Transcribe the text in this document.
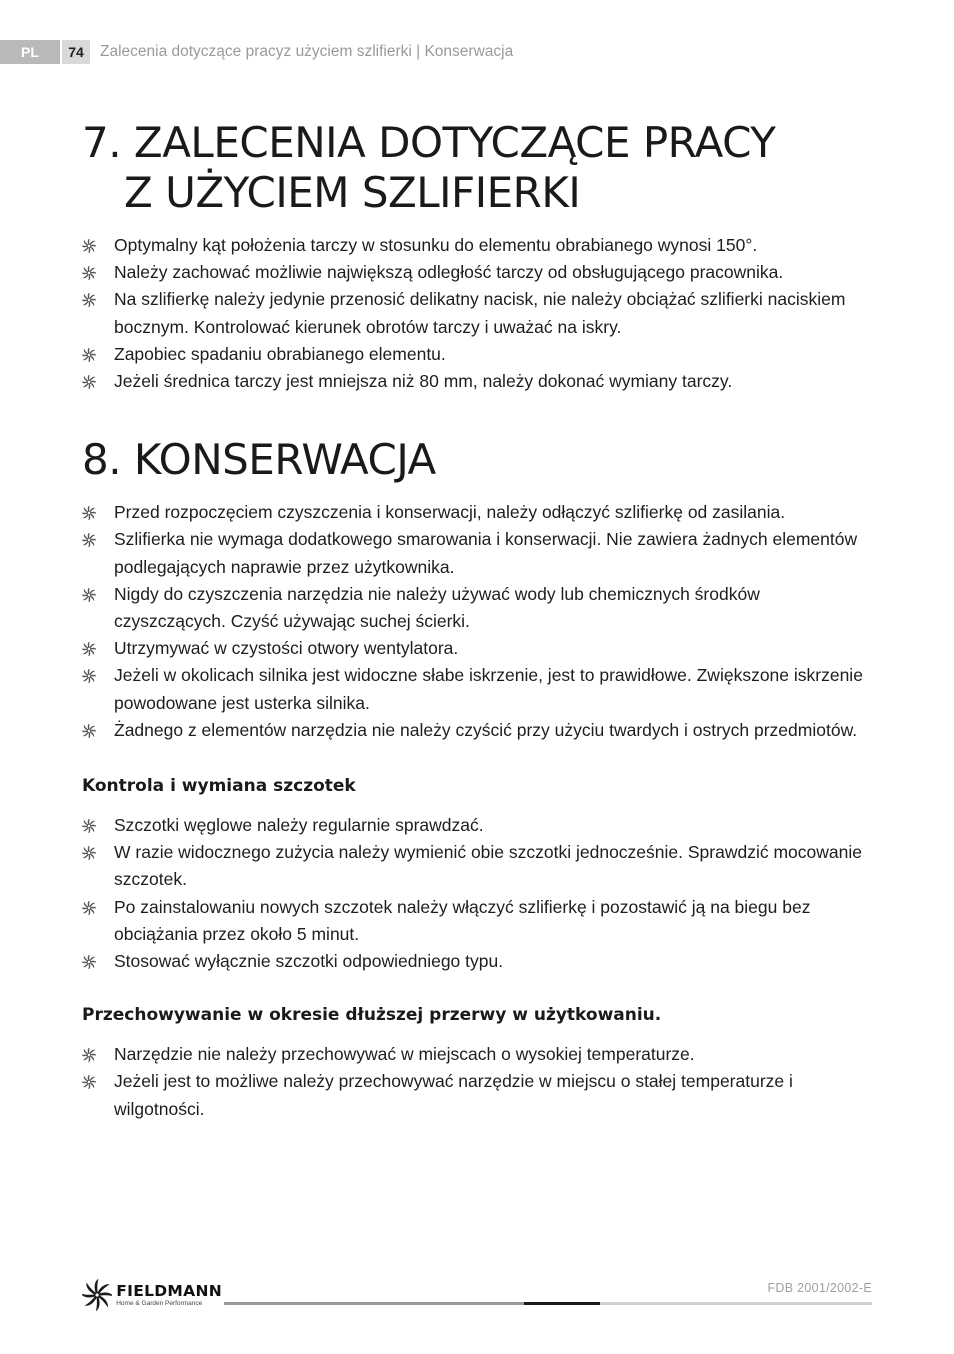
PL	74	Zalecenia dotyczące pracyz użyciem szlifierki | Konserwacja
7. ZALECENIA DOTYCZĄCE PRACY
Z UŻYCIEM SZLIFIERKI
Optymalny kąt położenia tarczy w stosunku do elementu obrabianego wynosi 150°.
Należy zachować możliwie największą odległość tarczy od obsługującego pracownika.
Na szlifierkę należy jedynie przenosić delikatny nacisk, nie należy obciążać szlifierki naciskiem bocznym. Kontrolować kierunek obrotów tarczy i uważać na iskry.
Zapobiec spadaniu obrabianego elementu.
Jeżeli średnica tarczy jest mniejsza niż 80 mm, należy dokonać wymiany tarczy.
8. KONSERWACJA
Przed rozpoczęciem czyszczenia i konserwacji, należy odłączyć szlifierkę od zasilania.
Szlifierka nie wymaga dodatkowego smarowania i konserwacji. Nie zawiera żadnych elementów podlegających naprawie przez użytkownika.
Nigdy do czyszczenia narzędzia nie należy używać wody lub chemicznych środków czyszczących. Czyść używając suchej ścierki.
Utrzymywać w czystości otwory wentylatora.
Jeżeli w okolicach silnika jest widoczne słabe iskrzenie, jest to prawidłowe. Zwiększone iskrzenie powodowane jest usterka silnika.
Żadnego z elementów narzędzia nie należy czyścić przy użyciu twardych i ostrych przedmiotów.
Kontrola i wymiana szczotek
Szczotki węglowe należy regularnie sprawdzać.
W razie widocznego zużycia należy wymienić obie szczotki jednocześnie. Sprawdzić mocowanie szczotek.
Po zainstalowaniu nowych szczotek należy włączyć szlifierkę i pozostawić ją na biegu bez obciążania przez około 5 minut.
Stosować wyłącznie szczotki odpowiedniego typu.
Przechowywanie w okresie dłuższej przerwy w użytkowaniu.
Narzędzie nie należy przechowywać w miejscach o wysokiej temperaturze.
Jeżeli jest to możliwe należy przechowywać narzędzie w miejscu o stałej temperaturze i wilgotności.
FIELDMANN
Home & Garden Performance
FDB 2001/2002-E
